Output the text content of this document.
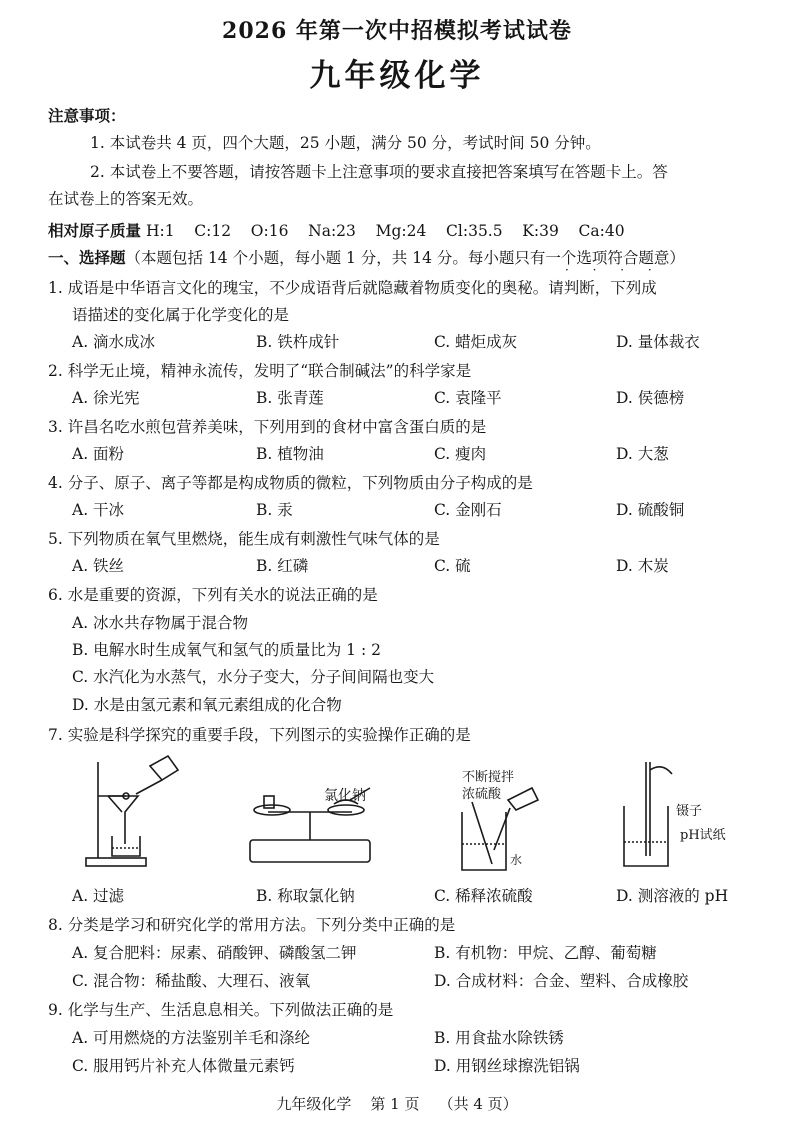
2026 年第一次中招模拟考试试卷
九年级化学
注意事项：
1. 本试卷共 4 页，四个大题，25 小题，满分 50 分，考试时间 50 分钟。
2. 本试卷上不要答题，请按答题卡上注意事项的要求直接把答案填写在答题卡上。答
在试卷上的答案无效。
相对原子质量 H:1    C:12    O:16    Na:23    Mg:24    Cl:35.5    K:39    Ca:40
一、选择题（本题包括 14 个小题，每小题 1 分，共 14 分。每小题只有一个选项符合题意）
· · · ·
1. 成语是中华语言文化的瑰宝，不少成语背后就隐藏着物质变化的奥秘。请判断，下列成
语描述的变化属于化学变化的是
A. 滴水成冰	B. 铁杵成针	C. 蜡炬成灰	D. 量体裁衣
2. 科学无止境，精神永流传，发明了“联合制碱法”的科学家是
A. 徐光宪	B. 张青莲	C. 袁隆平	D. 侯德榜
3. 许昌名吃水煎包营养美味，下列用到的食材中富含蛋白质的是
A. 面粉	B. 植物油	C. 瘦肉	D. 大葱
4. 分子、原子、离子等都是构成物质的微粒，下列物质由分子构成的是
A. 干冰	B. 汞	C. 金刚石	D. 硫酸铜
5. 下列物质在氧气里燃烧，能生成有刺激性气味气体的是
A. 铁丝	B. 红磷	C. 硫	D. 木炭
6. 水是重要的资源，下列有关水的说法正确的是
A. 冰水共存物属于混合物
B. 电解水时生成氧气和氢气的质量比为 1 : 2
C. 水汽化为水蒸气，水分子变大，分子间间隔也变大
D. 水是由氢元素和氧元素组成的化合物
7. 实验是科学探究的重要手段，下列图示的实验操作正确的是
氯化钠
不断搅拌
浓硫酸
水
镊子
pH试纸
A. 过滤	B. 称取氯化钠	C. 稀释浓硫酸	D. 测溶液的 pH
8. 分类是学习和研究化学的常用方法。下列分类中正确的是
A. 复合肥料：尿素、硝酸钾、磷酸氢二钾	B. 有机物：甲烷、乙醇、葡萄糖
C. 混合物：稀盐酸、大理石、液氧	D. 合成材料：合金、塑料、合成橡胶
9. 化学与生产、生活息息相关。下列做法正确的是
A. 可用燃烧的方法鉴别羊毛和涤纶	B. 用食盐水除铁锈
C. 服用钙片补充人体微量元素钙	D. 用钢丝球擦洗铝锅
九年级化学    第 1 页    （共 4 页）
